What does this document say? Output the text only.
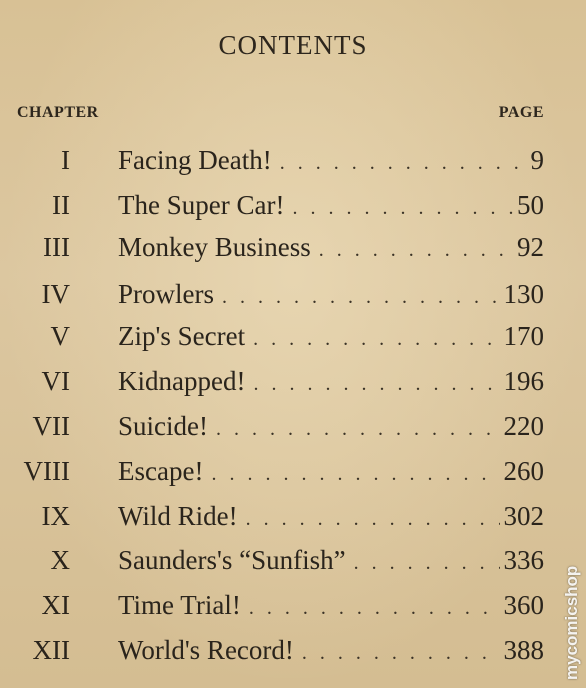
CONTENTS
CHAPTER	PAGE
I Facing Death! . . .	9
II The Super Car! . . .	50
III Monkey Business . . .	92
IV Prowlers . . .	130
V Zip's Secret . . .	170
VI Kidnapped! . . .	196
VII Suicide! . . .	220
VIII Escape! . . .	260
IX Wild Ride! . . .	302
X Saunders's “Sunfish” . . .	336
XI Time Trial! . . .	360
XII World's Record! . . .	388 mycomicshop
